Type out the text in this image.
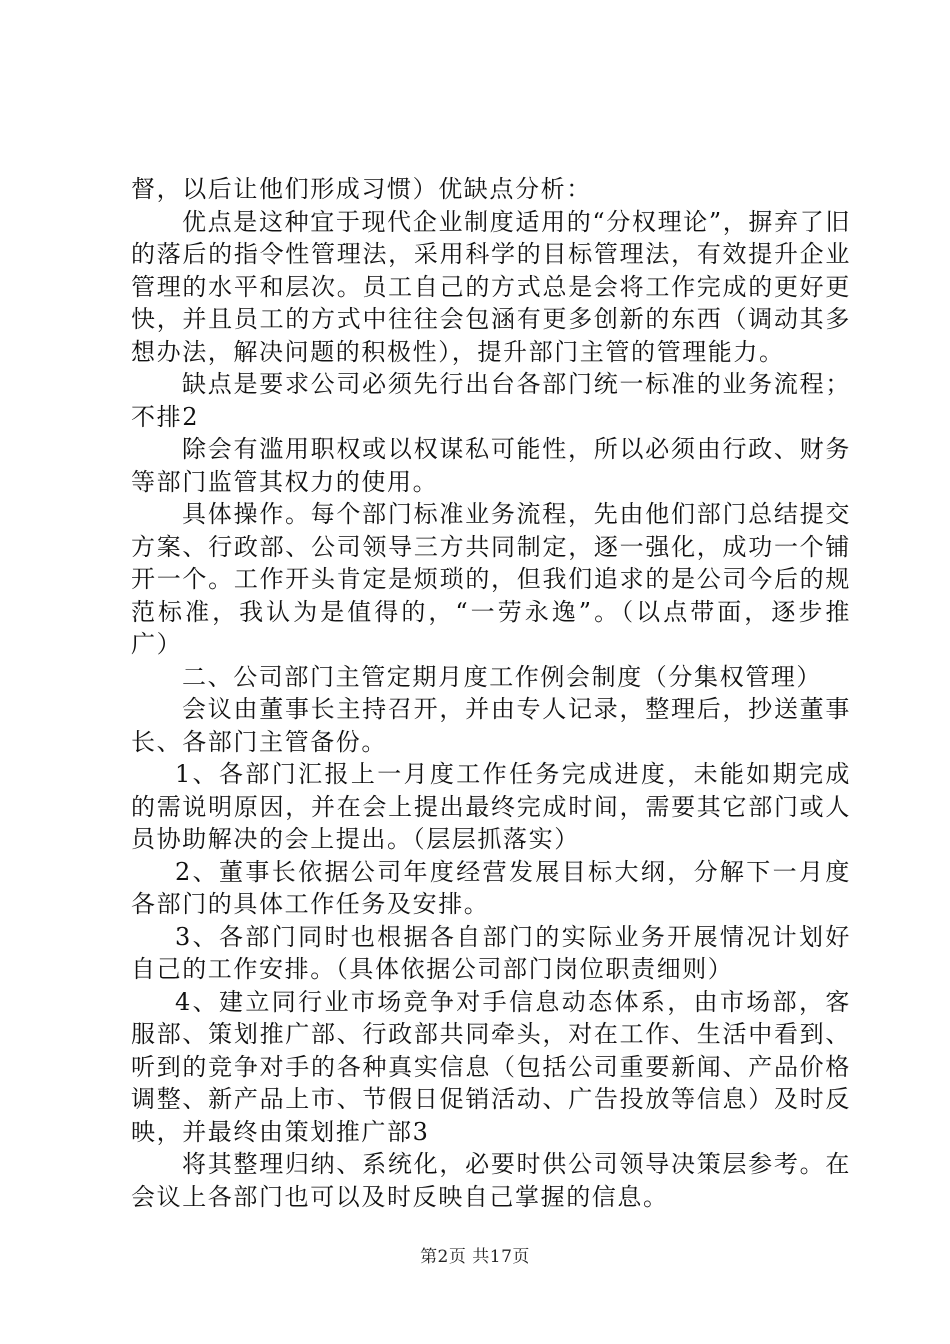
督，以后让他们形成习惯）优缺点分析：

优点是这种宜于现代企业制度适用的“分权理论”，摒弃了旧的落后的指令性管理法，采用科学的目标管理法，有效提升企业管理的水平和层次。员工自己的方式总是会将工作完成的更好更快，并且员工的方式中往往会包涵有更多创新的东西（调动其多想办法，解决问题的积极性），提升部门主管的管理能力。

缺点是要求公司必须先行出台各部门统一标准的业务流程；不排2

除会有滥用职权或以权谋私可能性，所以必须由行政、财务等部门监管其权力的使用。

具体操作。每个部门标准业务流程，先由他们部门总结提交方案、行政部、公司领导三方共同制定，逐一强化，成功一个铺开一个。工作开头肯定是烦琐的，但我们追求的是公司今后的规范标准，我认为是值得的，“一劳永逸”。（以点带面，逐步推广）

二、公司部门主管定期月度工作例会制度（分集权管理）

会议由董事长主持召开，并由专人记录，整理后，抄送董事长、各部门主管备份。

1、各部门汇报上一月度工作任务完成进度，未能如期完成的需说明原因，并在会上提出最终完成时间，需要其它部门或人员协助解决的会上提出。（层层抓落实）

2、董事长依据公司年度经营发展目标大纲，分解下一月度各部门的具体工作任务及安排。

3、各部门同时也根据各自部门的实际业务开展情况计划好自己的工作安排。（具体依据公司部门岗位职责细则）

4、建立同行业市场竞争对手信息动态体系，由市场部，客服部、策划推广部、行政部共同牵头，对在工作、生活中看到、听到的竞争对手的各种真实信息（包括公司重要新闻、产品价格调整、新产品上市、节假日促销活动、广告投放等信息）及时反映，并最终由策划推广部3

将其整理归纳、系统化，必要时供公司领导决策层参考。在会议上各部门也可以及时反映自己掌握的信息。

第2页 共17页
